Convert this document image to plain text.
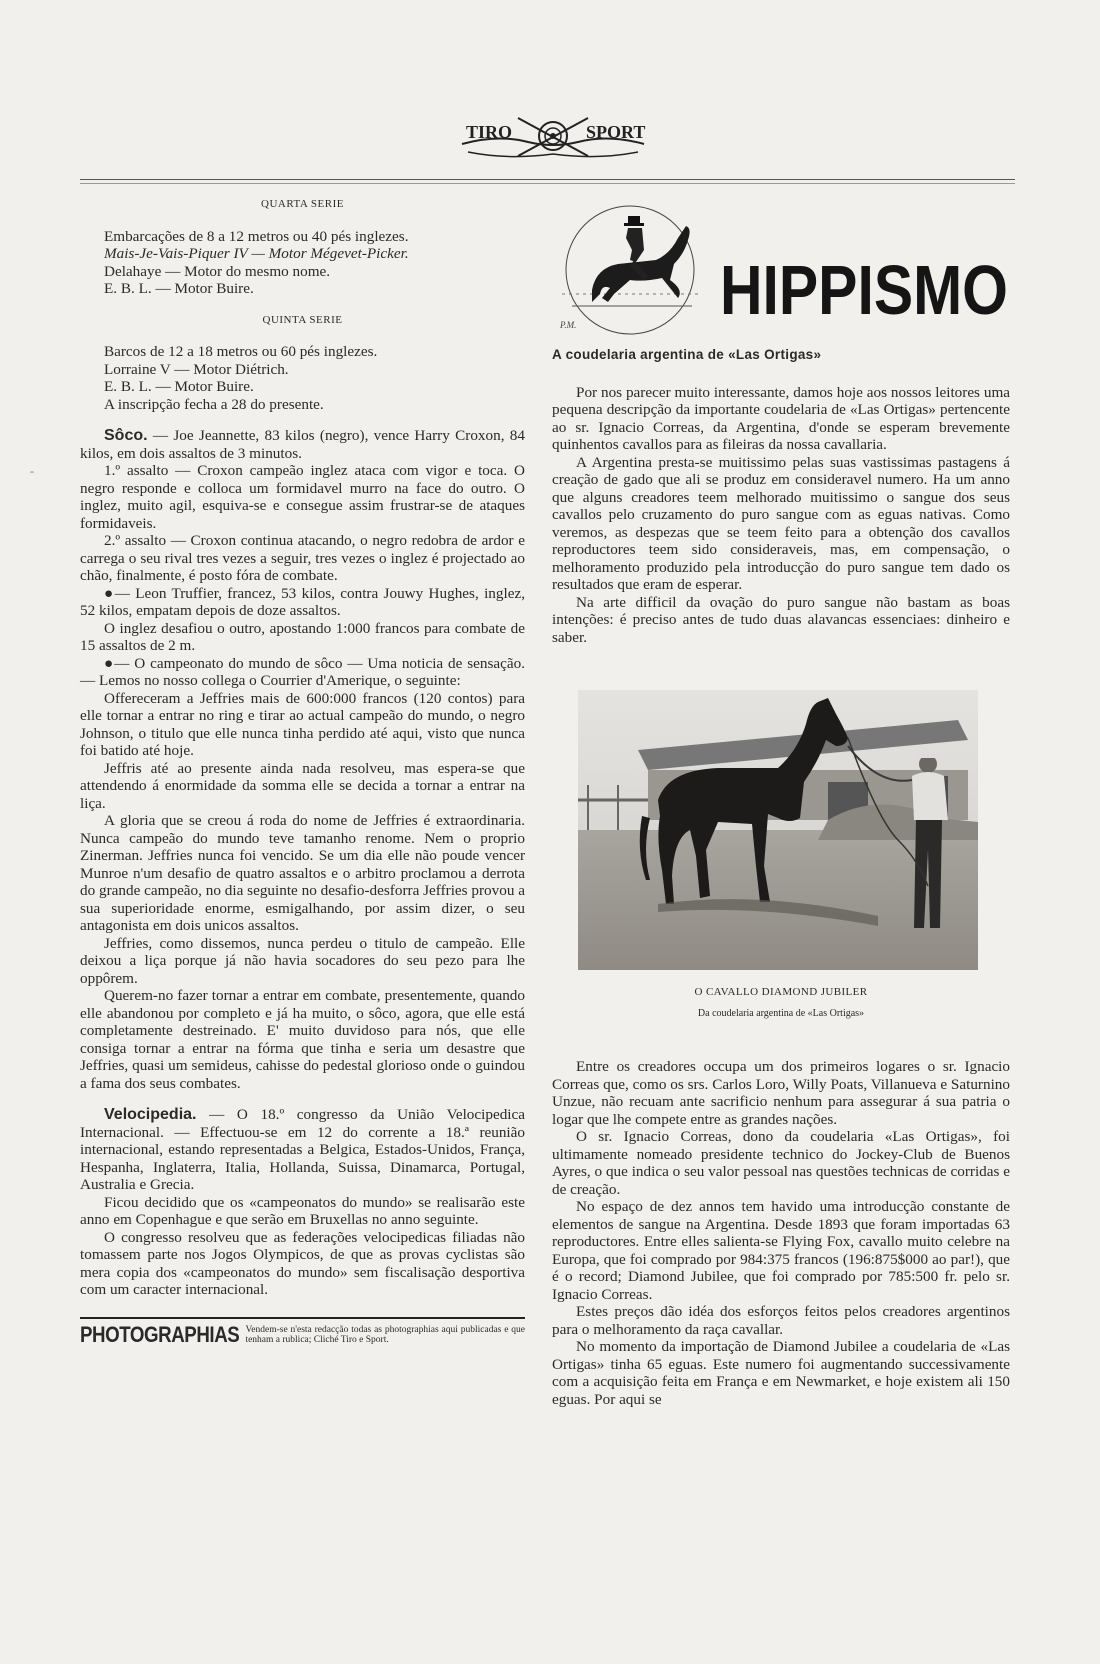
TIRO	SPORT
-
QUARTA SERIE
Embarcações de 8 a 12 metros ou 40 pés inglezes.
Mais-Je-Vais-Piquer IV — Motor Mégevet-Picker.
Delahaye — Motor do mesmo nome.
E. B. L. — Motor Buire.
QUINTA SERIE
Barcos de 12 a 18 metros ou 60 pés inglezes.
Lorraine V — Motor Diétrich.
E. B. L. — Motor Buire.
A inscripção fecha a 28 do presente.

Sôco. — Joe Jeannette, 83 kilos (negro), vence Harry Croxon, 84 kilos, em dois assaltos de 3 minutos.

1.º assalto — Croxon campeão inglez ataca com vigor e toca. O negro responde e colloca um formidavel murro na face do outro. O inglez, muito agil, esquiva-se e consegue assim frustrar-se de ataques formidaveis.

2.º assalto — Croxon continua atacando, o negro redobra de ardor e carrega o seu rival tres vezes a seguir, tres vezes o inglez é projectado ao chão, finalmente, é posto fóra de combate.

●— Leon Truffier, francez, 53 kilos, contra Jouwy Hughes, inglez, 52 kilos, empatam depois de doze assaltos.

O inglez desafiou o outro, apostando 1:000 francos para combate de 15 assaltos de 2 m.

●— O campeonato do mundo de sôco — Uma noticia de sensação. — Lemos no nosso collega o Courrier d'Amerique, o seguinte:

Offereceram a Jeffries mais de 600:000 francos (120 contos) para elle tornar a entrar no ring e tirar ao actual campeão do mundo, o negro Johnson, o titulo que elle nunca tinha perdido até aqui, visto que nunca foi batido até hoje.

Jeffris até ao presente ainda nada resolveu, mas espera-se que attendendo á enormidade da somma elle se decida a tornar a entrar na liça.

A gloria que se creou á roda do nome de Jeffries é extraordinaria. Nunca campeão do mundo teve tamanho renome. Nem o proprio Zinerman. Jeffries nunca foi vencido. Se um dia elle não poude vencer Munroe n'um desafio de quatro assaltos e o arbitro proclamou a derrota do grande campeão, no dia seguinte no desafio-desforra Jeffries provou a sua superioridade enorme, esmigalhando, por assim dizer, o seu antagonista em dois unicos assaltos.

Jeffries, como dissemos, nunca perdeu o titulo de campeão. Elle deixou a liça porque já não havia socadores do seu pezo para lhe oppôrem.

Querem-no fazer tornar a entrar em combate, presentemente, quando elle abandonou por completo e já ha muito, o sôco, agora, que elle está completamente destreinado. E' muito duvidoso para nós, que elle consiga tornar a entrar na fórma que tinha e seria um desastre que Jeffries, quasi um semideus, cahisse do pedestal glorioso onde o guindou a fama dos seus combates.

Velocipedia. — O 18.º congresso da União Velocipedica Internacional. — Effectuou-se em 12 do corrente a 18.ª reunião internacional, estando representadas a Belgica, Estados-Unidos, França, Hespanha, Inglaterra, Italia, Hollanda, Suissa, Dinamarca, Portugal, Australia e Grecia.

Ficou decidido que os «campeonatos do mundo» se realisarão este anno em Copenhague e que serão em Bruxellas no anno seguinte.

O congresso resolveu que as federações velocipedicas filiadas não tomassem parte nos Jogos Olympicos, de que as provas cyclistas são mera copia dos «campeonatos do mundo» sem fiscalisação desportiva com um caracter internacional.

PHOTOGRAPHIAS Vendem-se n'esta redacção todas as photographias aqui publicadas e que tenham a rublica; Cliché Tiro e Sport.
P.M. HIPPISMO
A coudelaria argentina de «Las Ortigas»

Por nos parecer muito interessante, damos hoje aos nossos leitores uma pequena descripção da importante coudelaria de «Las Ortigas» pertencente ao sr. Ignacio Correas, da Argentina, d'onde se esperam brevemente quinhentos cavallos para as fileiras da nossa cavallaria.

A Argentina presta-se muitissimo pelas suas vastissimas pastagens á creação de gado que ali se produz em consideravel numero. Ha um anno que alguns creadores teem melhorado muitissimo o sangue dos seus cavallos pelo cruzamento do puro sangue com as eguas nativas. Como veremos, as despezas que se teem feito para a obtenção dos cavallos reproductores teem sido consideraveis, mas, em compensação, o melhoramento produzido pela introducção do puro sangue tem dado os resultados que eram de esperar.

Na arte difficil da ovação do puro sangue não bastam as boas intenções: é preciso antes de tudo duas alavancas essenciaes: dinheiro e saber.

O CAVALLO DIAMOND JUBILER
Da coudelaria argentina de «Las Ortigas»

Entre os creadores occupa um dos primeiros logares o sr. Ignacio Correas que, como os srs. Carlos Loro, Willy Poats, Villanueva e Saturnino Unzue, não recuam ante sacrificio nenhum para assegurar á sua patria o logar que lhe compete entre as grandes nações.

O sr. Ignacio Correas, dono da coudelaria «Las Ortigas», foi ultimamente nomeado presidente technico do Jockey-Club de Buenos Ayres, o que indica o seu valor pessoal nas questões technicas de corridas e de creação.

No espaço de dez annos tem havido uma introducção constante de elementos de sangue na Argentina. Desde 1893 que foram importadas 63 reproductores. Entre elles salienta-se Flying Fox, cavallo muito celebre na Europa, que foi comprado por 984:375 francos (196:875$000 ao par!), que é o record; Diamond Jubilee, que foi comprado por 785:500 fr. pelo sr. Ignacio Correas.

Estes preços dão idéa dos esforços feitos pelos creadores argentinos para o melhoramento da raça cavallar.

No momento da importação de Diamond Jubilee a coudelaria de «Las Ortigas» tinha 65 eguas. Este numero foi augmentando successivamente com a acquisição feita em França e em Newmarket, e hoje existem ali 150 eguas. Por aqui se
